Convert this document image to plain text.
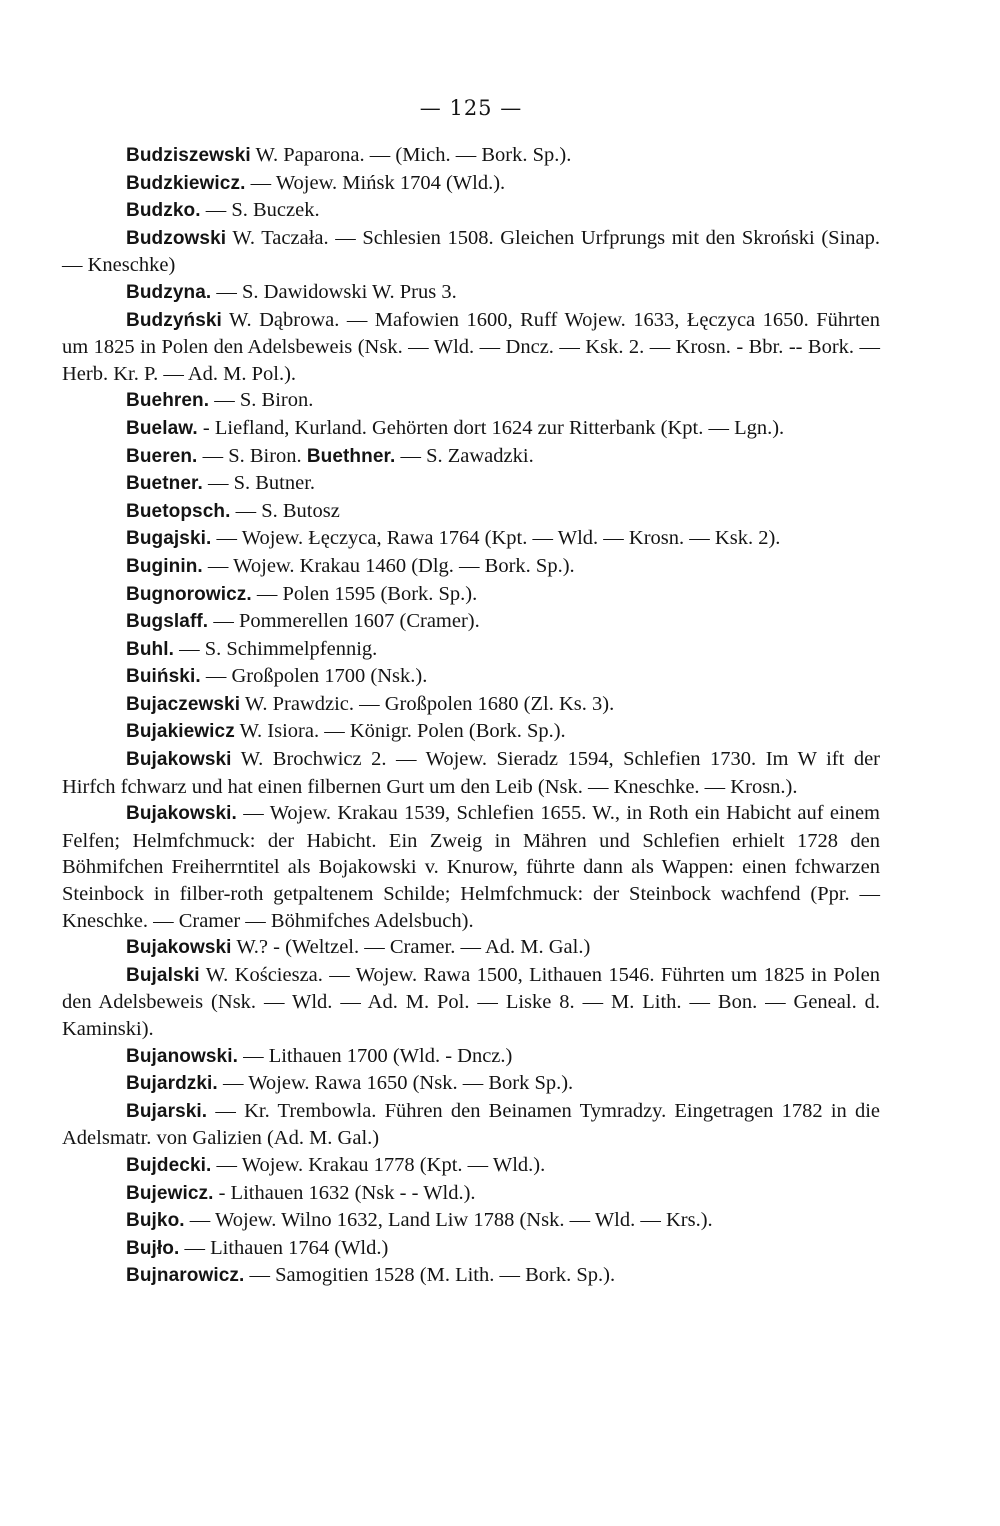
— 125 —

Budziszewski W. Paparona. — (Mich. — Bork. Sp.).

Budzkiewicz. — Wojew. Mińsk 1704 (Wld.).

Budzko. — S. Buczek.

Budzowski W. Taczała. — Schlesien 1508. Gleichen Urfprungs mit den Skroński (Sinap. — Kneschke)

Budzyna. — S. Dawidowski W. Prus 3.

Budzyński W. Dąbrowa. — Mafowien 1600, Ruff Wojew. 1633, Łęczyca 1650. Führten um 1825 in Polen den Adelsbeweis (Nsk. — Wld. — Dncz. — Ksk. 2. — Krosn. - Bbr. -- Bork. — Herb. Kr. P. — Ad. M. Pol.).

Buehren. — S. Biron.

Buelaw. - Liefland, Kurland. Gehörten dort 1624 zur Ritterbank (Kpt. — Lgn.).

Bueren. — S. Biron. Buethner. — S. Zawadzki.

Buetner. — S. Butner.

Buetopsch. — S. Butosz

Bugajski. — Wojew. Łęczyca, Rawa 1764 (Kpt. — Wld. — Krosn. — Ksk. 2).

Buginin. — Wojew. Krakau 1460 (Dlg. — Bork. Sp.).

Bugnorowicz. — Polen 1595 (Bork. Sp.).

Bugslaff. — Pommerellen 1607 (Cramer).

Buhl. — S. Schimmelpfennig.

Buiński. — Großpolen 1700 (Nsk.).

Bujaczewski W. Prawdzic. — Großpolen 1680 (Zl. Ks. 3).

Bujakiewicz W. Isiora. — Königr. Polen (Bork. Sp.).

Bujakowski W. Brochwicz 2. — Wojew. Sieradz 1594, Schlefien 1730. Im W ift der Hirfch fchwarz und hat einen filbernen Gurt um den Leib (Nsk. — Kneschke. — Krosn.).

Bujakowski. — Wojew. Krakau 1539, Schlefien 1655. W., in Roth ein Habicht auf einem Felfen; Helmfchmuck: der Habicht. Ein Zweig in Mähren und Schlefien erhielt 1728 den Böhmifchen Freiherrntitel als Bojakowski v. Knurow, führte dann als Wappen: einen fchwarzen Steinbock in filber-roth getpaltenem Schilde; Helmfchmuck: der Steinbock wachfend (Ppr. — Kneschke. — Cramer — Böhmifches Adelsbuch).

Bujakowski W.? - (Weltzel. — Cramer. — Ad. M. Gal.)

Bujalski W. Kościesza. — Wojew. Rawa 1500, Lithauen 1546. Führten um 1825 in Polen den Adelsbeweis (Nsk. — Wld. — Ad. M. Pol. — Liske 8. — M. Lith. — Bon. — Geneal. d. Kaminski).

Bujanowski. — Lithauen 1700 (Wld. - Dncz.)

Bujardzki. — Wojew. Rawa 1650 (Nsk. — Bork Sp.).

Bujarski. — Kr. Trembowla. Führen den Beinamen Tymradzy. Eingetragen 1782 in die Adelsmatr. von Galizien (Ad. M. Gal.)

Bujdecki. — Wojew. Krakau 1778 (Kpt. — Wld.).

Bujewicz. - Lithauen 1632 (Nsk - - Wld.).

Bujko. — Wojew. Wilno 1632, Land Liw 1788 (Nsk. — Wld. — Krs.).

Bujło. — Lithauen 1764 (Wld.)

Bujnarowicz. — Samogitien 1528 (M. Lith. — Bork. Sp.).
